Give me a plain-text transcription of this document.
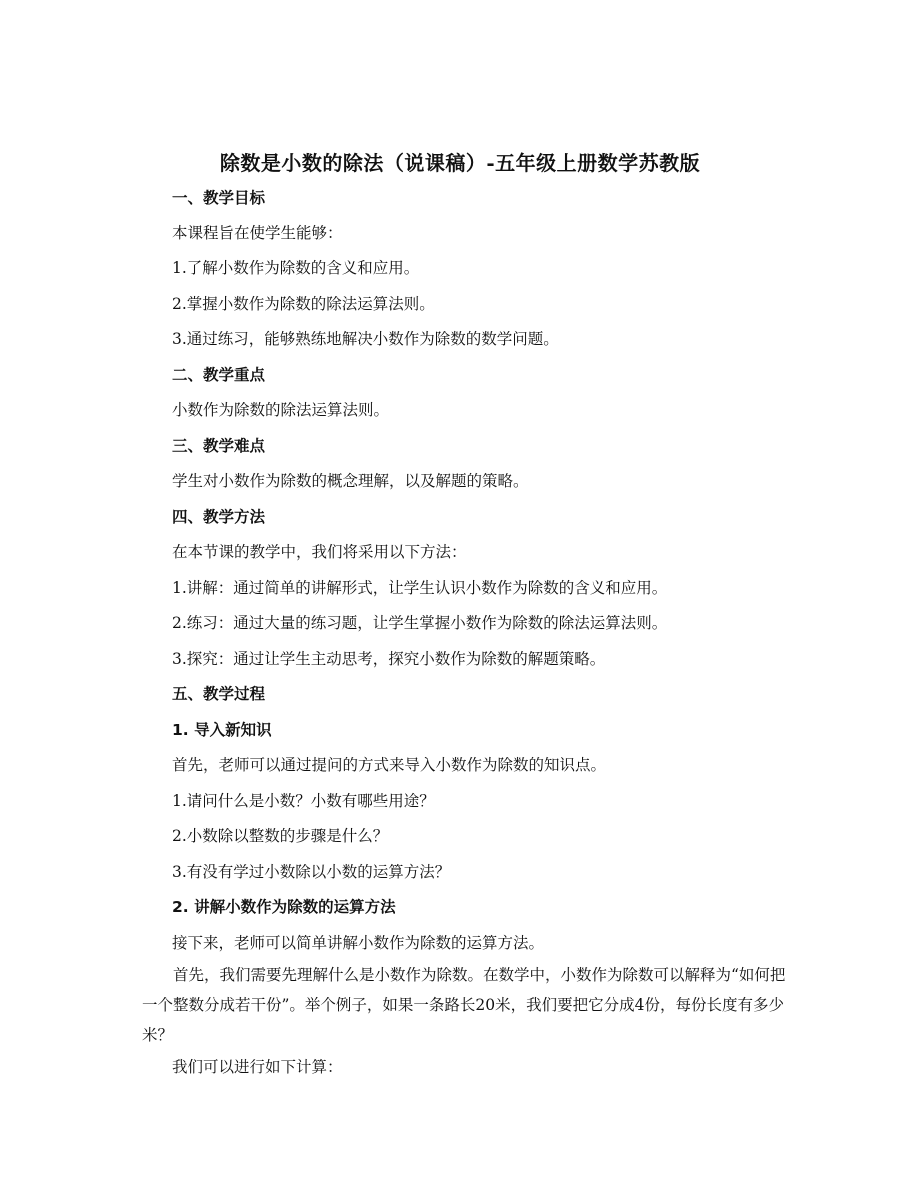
除数是小数的除法（说课稿）-五年级上册数学苏教版
一、教学目标
本课程旨在使学生能够：
1.了解小数作为除数的含义和应用。
2.掌握小数作为除数的除法运算法则。
3.通过练习，能够熟练地解决小数作为除数的数学问题。
二、教学重点
小数作为除数的除法运算法则。
三、教学难点
学生对小数作为除数的概念理解，以及解题的策略。
四、教学方法
在本节课的教学中，我们将采用以下方法：
1.讲解：通过简单的讲解形式，让学生认识小数作为除数的含义和应用。
2.练习：通过大量的练习题，让学生掌握小数作为除数的除法运算法则。
3.探究：通过让学生主动思考，探究小数作为除数的解题策略。
五、教学过程
1. 导入新知识
首先，老师可以通过提问的方式来导入小数作为除数的知识点。
1.请问什么是小数？小数有哪些用途？
2.小数除以整数的步骤是什么？
3.有没有学过小数除以小数的运算方法？
2. 讲解小数作为除数的运算方法
接下来，老师可以简单讲解小数作为除数的运算方法。
首先，我们需要先理解什么是小数作为除数。在数学中，小数作为除数可以解释为“如何把一个整数分成若干份”。举个例子，如果一条路长20米，我们要把它分成4份，每份长度有多少米？
我们可以进行如下计算：
